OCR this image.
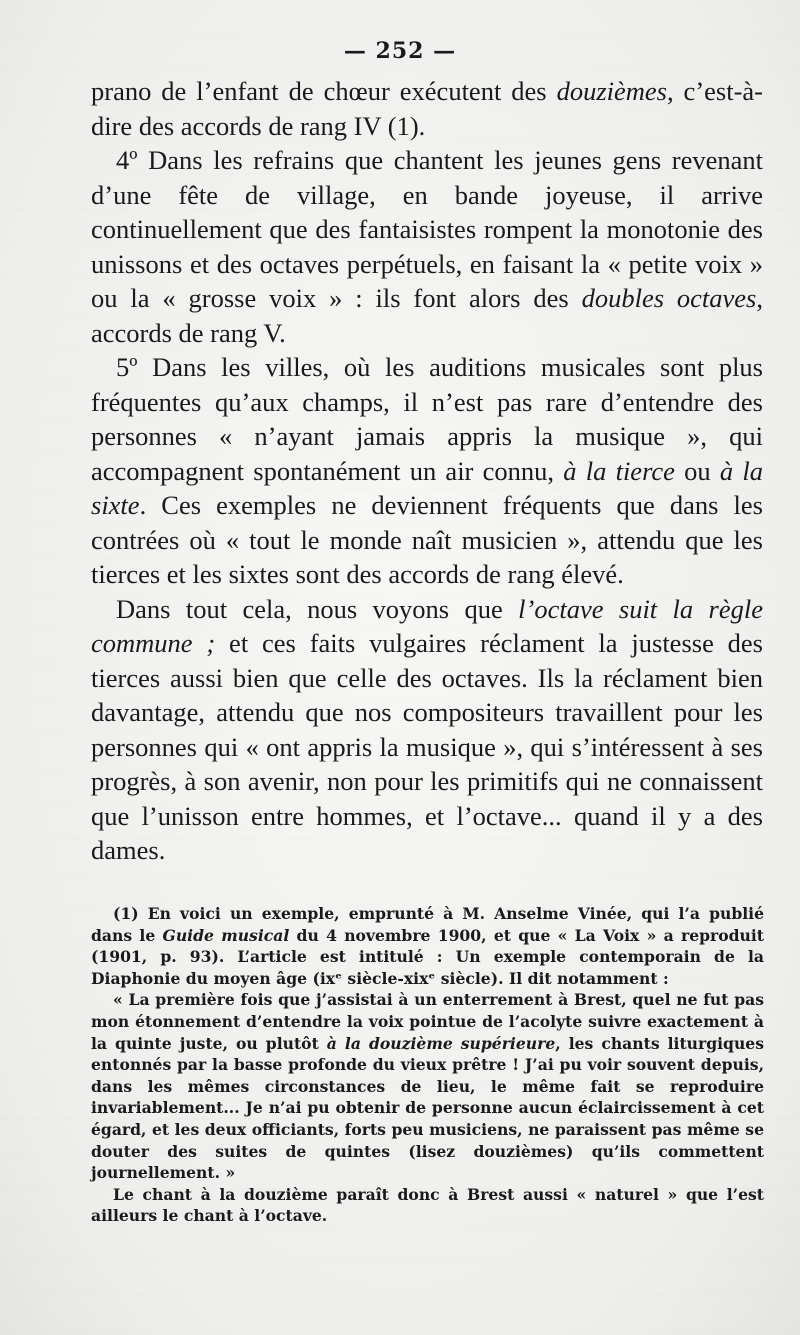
— 252 —

prano de l’enfant de chœur exécutent des douzièmes, c’est-à-dire des accords de rang IV (1).

4º Dans les refrains que chantent les jeunes gens revenant d’une fête de village, en bande joyeuse, il arrive continuellement que des fantaisistes rompent la monotonie des unissons et des octaves perpétuels, en faisant la « petite voix » ou la « grosse voix » : ils font alors des doubles octaves, accords de rang V.

5º Dans les villes, où les auditions musicales sont plus fréquentes qu’aux champs, il n’est pas rare d’entendre des personnes « n’ayant jamais appris la musique », qui accompagnent spontanément un air connu, à la tierce ou à la sixte. Ces exemples ne deviennent fréquents que dans les contrées où « tout le monde naît musicien », attendu que les tierces et les sixtes sont des accords de rang élevé.

Dans tout cela, nous voyons que l’octave suit la règle commune ; et ces faits vulgaires réclament la justesse des tierces aussi bien que celle des octaves. Ils la réclament bien davantage, attendu que nos compositeurs travaillent pour les personnes qui « ont appris la musique », qui s’intéressent à ses progrès, à son avenir, non pour les primitifs qui ne connaissent que l’unisson entre hommes, et l’octave... quand il y a des dames.

(1) En voici un exemple, emprunté à M. Anselme Vinée, qui l’a publié dans le Guide musical du 4 novembre 1900, et que « La Voix » a reproduit (1901, p. 93). L’article est intitulé : Un exemple contemporain de la Diaphonie du moyen âge (ixᵉ siècle-xixᵉ siècle). Il dit notamment :

« La première fois que j’assistai à un enterrement à Brest, quel ne fut pas mon étonnement d’entendre la voix pointue de l’acolyte suivre exactement à la quinte juste, ou plutôt à la douzième supérieure, les chants liturgiques entonnés par la basse profonde du vieux prêtre ! J’ai pu voir souvent depuis, dans les mêmes circonstances de lieu, le même fait se reproduire invariablement... Je n’ai pu obtenir de personne aucun éclaircissement à cet égard, et les deux officiants, forts peu musiciens, ne paraissent pas même se douter des suites de quintes (lisez douzièmes) qu’ils commettent journellement. »

Le chant à la douzième paraît donc à Brest aussi « naturel » que l’est ailleurs le chant à l’octave.
